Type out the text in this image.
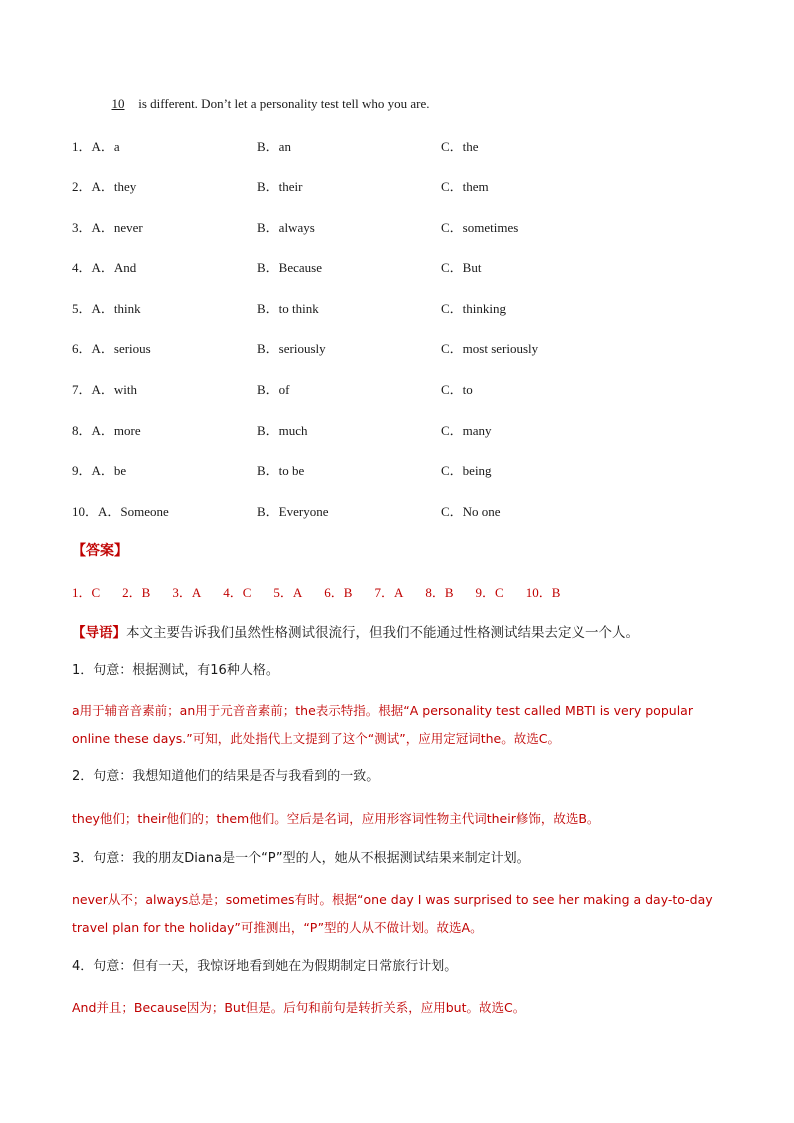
10 is different. Don’t let a personality test tell who you are.
1．A．a	B．an	C．the
2．A．they	B．their	C．them
3．A．never	B．always	C．sometimes
4．A．And	B．Because	C．But
5．A．think	B．to think	C．thinking
6．A．serious	B．seriously	C．most seriously
7．A．with	B．of	C．to
8．A．more	B．much	C．many
9．A．be	B．to be	C．being
10．A．Someone	B．Everyone	C．No one
【答案】
1．C 2．B 3．A 4．C 5．A 6．B 7．A 8．B 9．C 10．B
【导语】本文主要告诉我们虽然性格测试很流行，但我们不能通过性格测试结果去定义一个人。
1．句意：根据测试，有16种人格。
a用于辅音音素前；an用于元音音素前；the表示特指。根据“A personality test called MBTI is very popular online these days.”可知，此处指代上文提到了这个“测试”，应用定冠词the。故选C。
2．句意：我想知道他们的结果是否与我看到的一致。
they他们；their他们的；them他们。空后是名词，应用形容词性物主代词their修饰，故选B。
3．句意：我的朋友Diana是一个“P”型的人，她从不根据测试结果来制定计划。
never从不；always总是；sometimes有时。根据“one day I was surprised to see her making a day-to-day travel plan for the holiday”可推测出，“P”型的人从不做计划。故选A。
4．句意：但有一天，我惊讶地看到她在为假期制定日常旅行计划。
And并且；Because因为；But但是。后句和前句是转折关系，应用but。故选C。
